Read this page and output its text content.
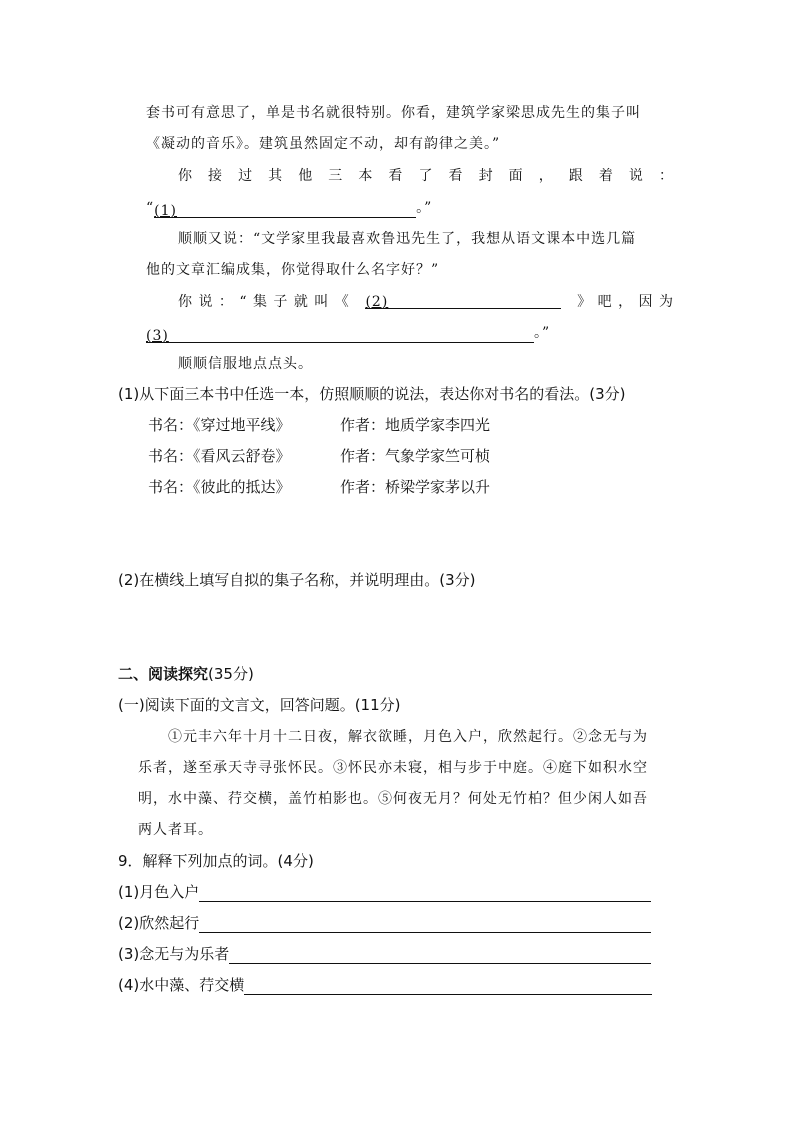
套书可有意思了，单是书名就很特别。你看，建筑学家梁思成先生的集子叫
《凝动的音乐》。建筑虽然固定不动，却有韵律之美。”
你 接 过 其 他 三 本 看 了 看 封 面 ， 跟 着 说 ：
“(1)	。”
顺顺又说：“文学家里我最喜欢鲁迅先生了，我想从语文课本中选几篇
他的文章汇编成集，你觉得取什么名字好？”
你 说 ： “ 集 子 就 叫 《 (2)	》 吧 ， 因 为
(3)	。”
顺顺信服地点点头。
(1)从下面三本书中任选一本，仿照顺顺的说法，表达你对书名的看法。(3分)
书名：《穿过地平线》	作者：地质学家李四光
书名：《看风云舒卷》	作者：气象学家竺可桢
书名：《彼此的抵达》	作者：桥梁学家茅以升
(2)在横线上填写自拟的集子名称，并说明理由。(3分)
二、阅读探究(35分)
(一)阅读下面的文言文，回答问题。(11分)
①元丰六年十月十二日夜，解衣欲睡，月色入户，欣然起行。②念无与为
乐者，遂至承天寺寻张怀民。③怀民亦未寝，相与步于中庭。④庭下如积水空
明，水中藻、荇交横，盖竹柏影也。⑤何夜无月？何处无竹柏？但少闲人如吾
两人者耳。
9．解释下列加点的词。(4分)
(1)月色入户
(2)欣然起行
(3)念无与为乐者
(4)水中藻、荇交横
